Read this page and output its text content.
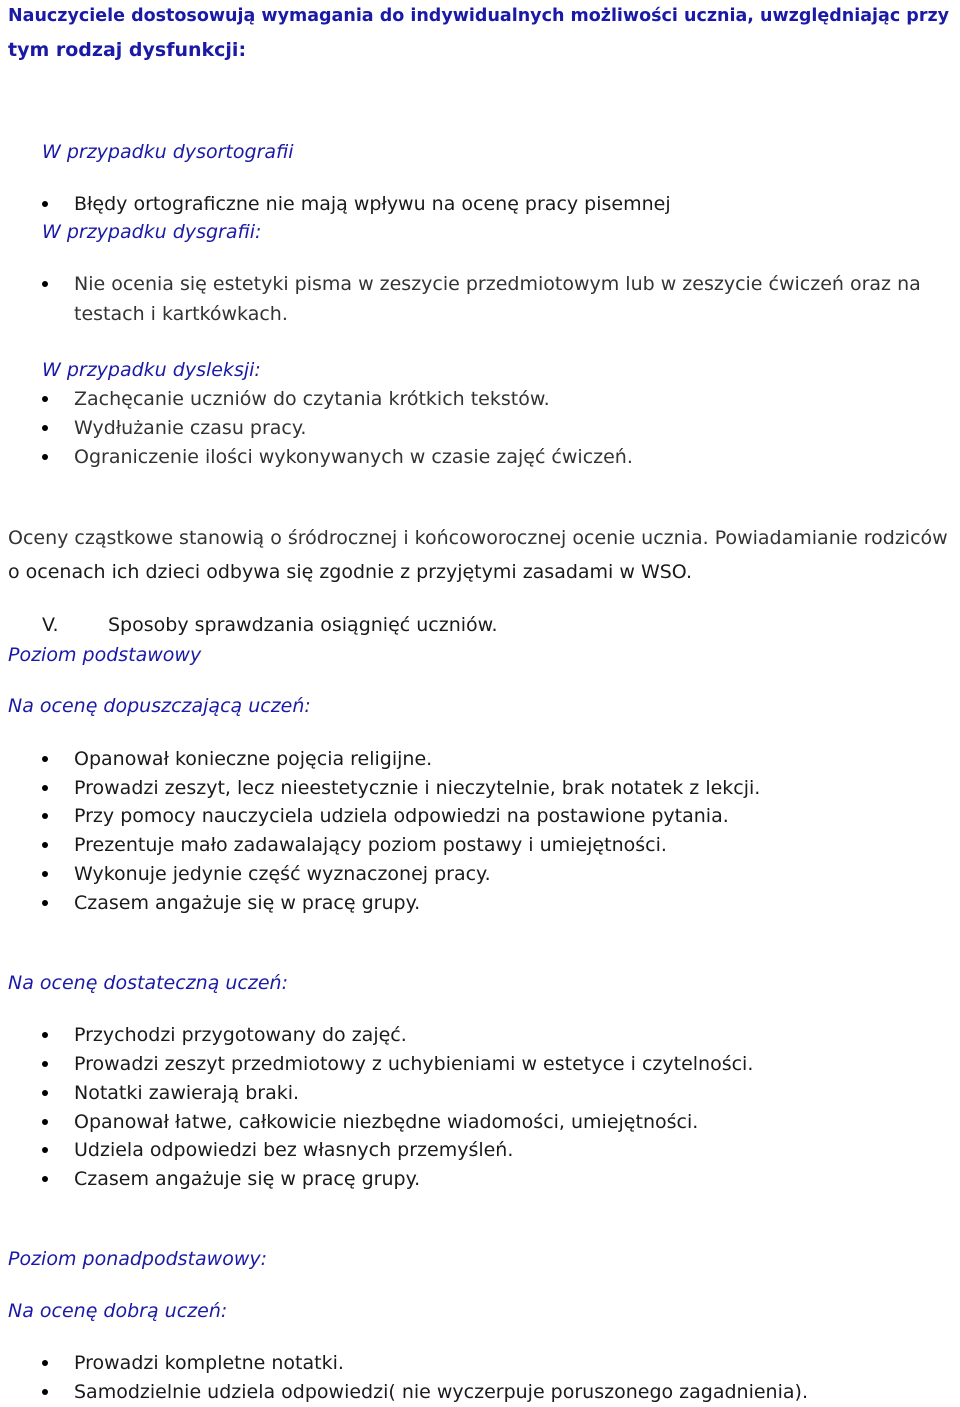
Nauczyciele dostosowują wymagania do indywidualnych możliwości ucznia, uwzględniając przy
tym rodzaj dysfunkcji:
W przypadku dysortografii
Błędy ortograficzne nie mają wpływu na ocenę pracy pisemnej
W przypadku dysgrafii:
Nie ocenia się estetyki pisma w zeszycie przedmiotowym lub w zeszycie ćwiczeń oraz na
testach i kartkówkach.
W przypadku dysleksji:
Zachęcanie uczniów do czytania krótkich tekstów.
Wydłużanie czasu pracy.
Ograniczenie ilości wykonywanych w czasie zajęć ćwiczeń.
Oceny cząstkowe stanowią o śródrocznej i końcoworocznej ocenie ucznia. Powiadamianie rodziców
o ocenach ich dzieci odbywa się zgodnie z przyjętymi zasadami w WSO.
V.	Sposoby sprawdzania osiągnięć uczniów.
Poziom podstawowy
Na ocenę dopuszczającą uczeń:
Opanował konieczne pojęcia religijne.
Prowadzi zeszyt, lecz nieestetycznie i nieczytelnie, brak notatek z lekcji.
Przy pomocy nauczyciela udziela odpowiedzi na postawione pytania.
Prezentuje mało zadawalający poziom postawy i umiejętności.
Wykonuje jedynie część wyznaczonej pracy.
Czasem angażuje się w pracę grupy.
Na ocenę dostateczną uczeń:
Przychodzi przygotowany do zajęć.
Prowadzi zeszyt przedmiotowy z uchybieniami w estetyce i czytelności.
Notatki zawierają braki.
Opanował łatwe, całkowicie niezbędne wiadomości, umiejętności.
Udziela odpowiedzi bez własnych przemyśleń.
Czasem angażuje się w pracę grupy.
Poziom ponadpodstawowy:
Na ocenę dobrą uczeń:
Prowadzi kompletne notatki.
Samodzielnie udziela odpowiedzi( nie wyczerpuje poruszonego zagadnienia).
